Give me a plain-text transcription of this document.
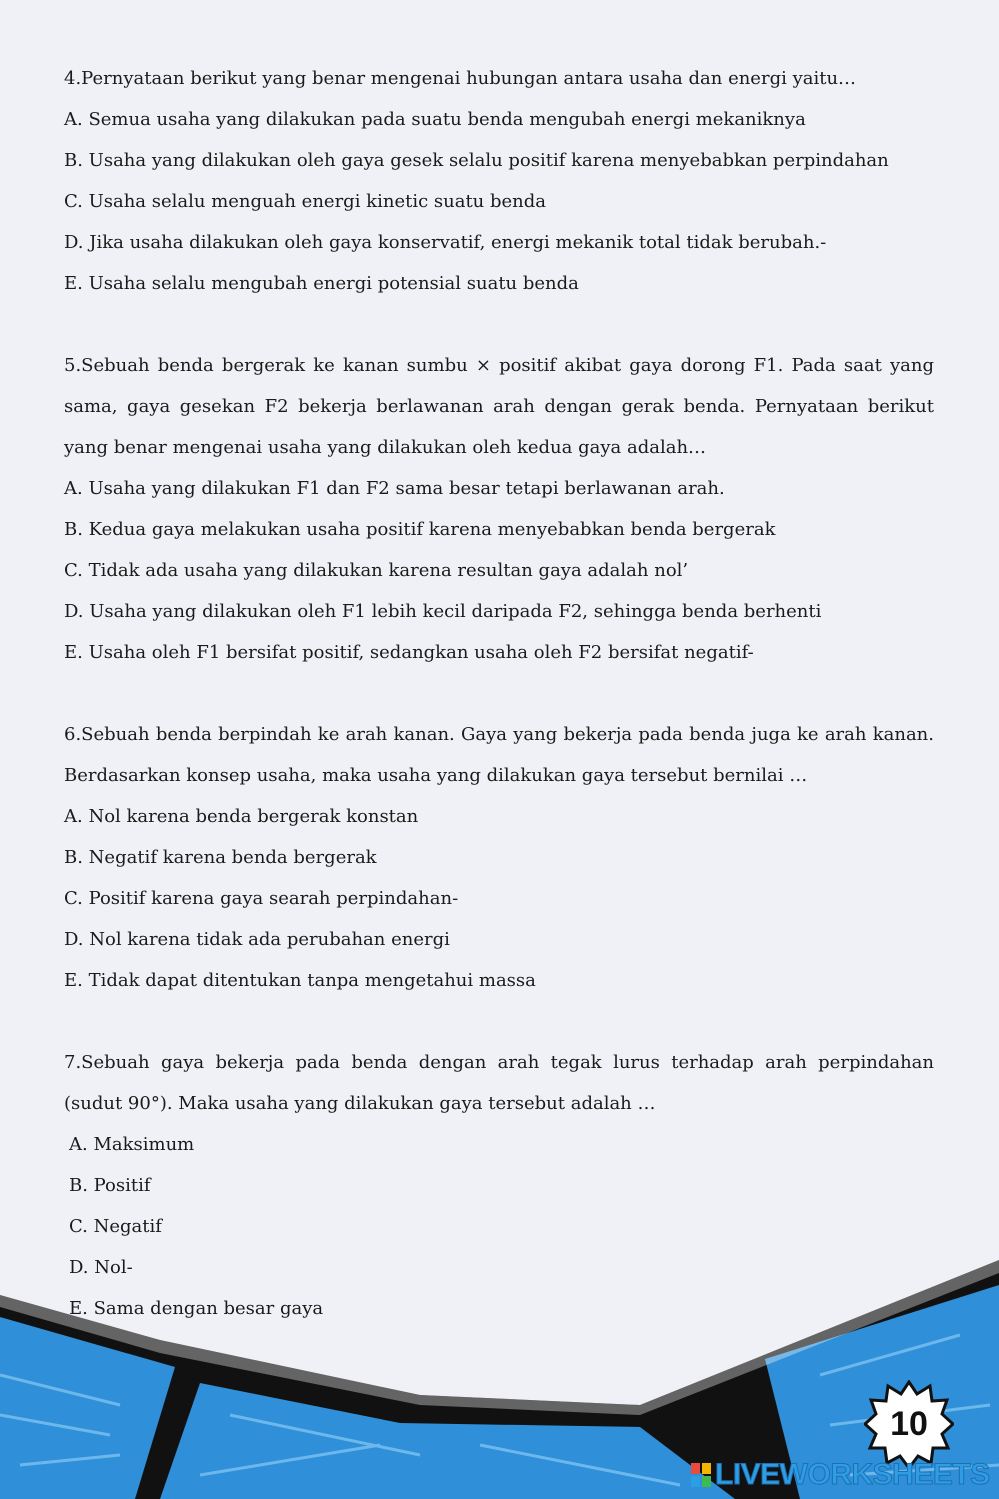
4.Pernyataan berikut yang benar mengenai hubungan antara usaha dan energi yaitu…

A. Semua usaha yang dilakukan pada suatu benda mengubah energi mekaniknya
B. Usaha yang dilakukan oleh gaya gesek selalu positif karena menyebabkan perpindahan
C. Usaha selalu menguah energi kinetic suatu benda
D. Jika usaha dilakukan oleh gaya konservatif, energi mekanik total tidak berubah.-
E. Usaha selalu mengubah energi potensial suatu benda

5.Sebuah benda bergerak ke kanan sumbu × positif akibat gaya dorong F1. Pada saat yang sama, gaya gesekan F2 bekerja berlawanan arah dengan gerak benda. Pernyataan berikut yang benar mengenai usaha yang dilakukan oleh kedua gaya adalah…

A. Usaha yang dilakukan F1 dan F2 sama besar tetapi berlawanan arah.
B. Kedua gaya melakukan usaha positif karena menyebabkan benda bergerak
C. Tidak ada usaha yang dilakukan karena resultan gaya adalah nol’
D. Usaha yang dilakukan oleh F1 lebih kecil daripada F2, sehingga benda berhenti
E. Usaha oleh F1 bersifat positif, sedangkan usaha oleh F2 bersifat negatif-

6.Sebuah benda berpindah ke arah kanan. Gaya yang bekerja pada benda juga ke arah kanan. Berdasarkan konsep usaha, maka usaha yang dilakukan gaya tersebut bernilai …

A. Nol karena benda bergerak konstan
B. Negatif karena benda bergerak
C. Positif karena gaya searah perpindahan-
D. Nol karena tidak ada perubahan energi
E. Tidak dapat ditentukan tanpa mengetahui massa

7.Sebuah gaya bekerja pada benda dengan arah tegak lurus terhadap arah perpindahan (sudut 90°). Maka usaha yang dilakukan gaya tersebut adalah …

A. Maksimum
B. Positif
C. Negatif
D. Nol-
E. Sama dengan besar gaya
10
LIVEWORKSHEETS
